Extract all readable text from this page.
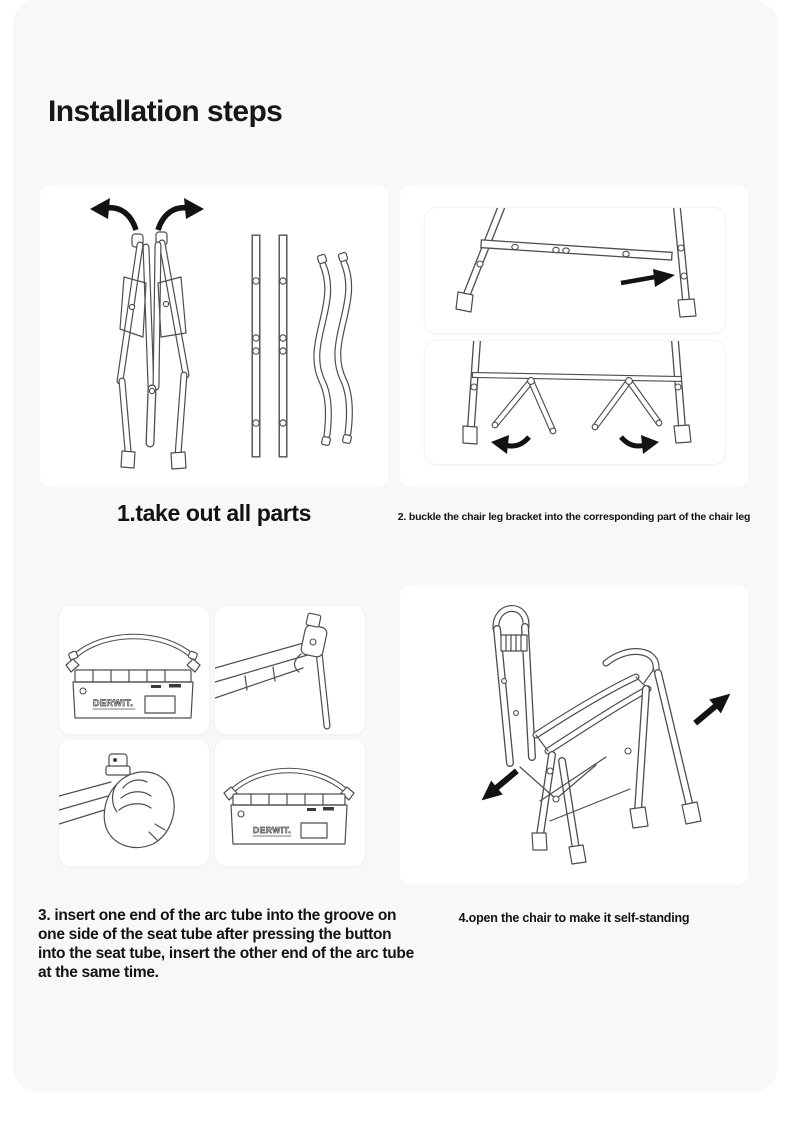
Installation steps
1.take out all parts	2. buckle the chair leg bracket into the corresponding part of the chair leg
DERWIT.
DERWIT.
3. insert one end of the arc tube into the groove on one side of the seat tube after pressing the button into the seat tube, insert the other end of the arc tube at the same time.
4.open the chair to make it self-standing
